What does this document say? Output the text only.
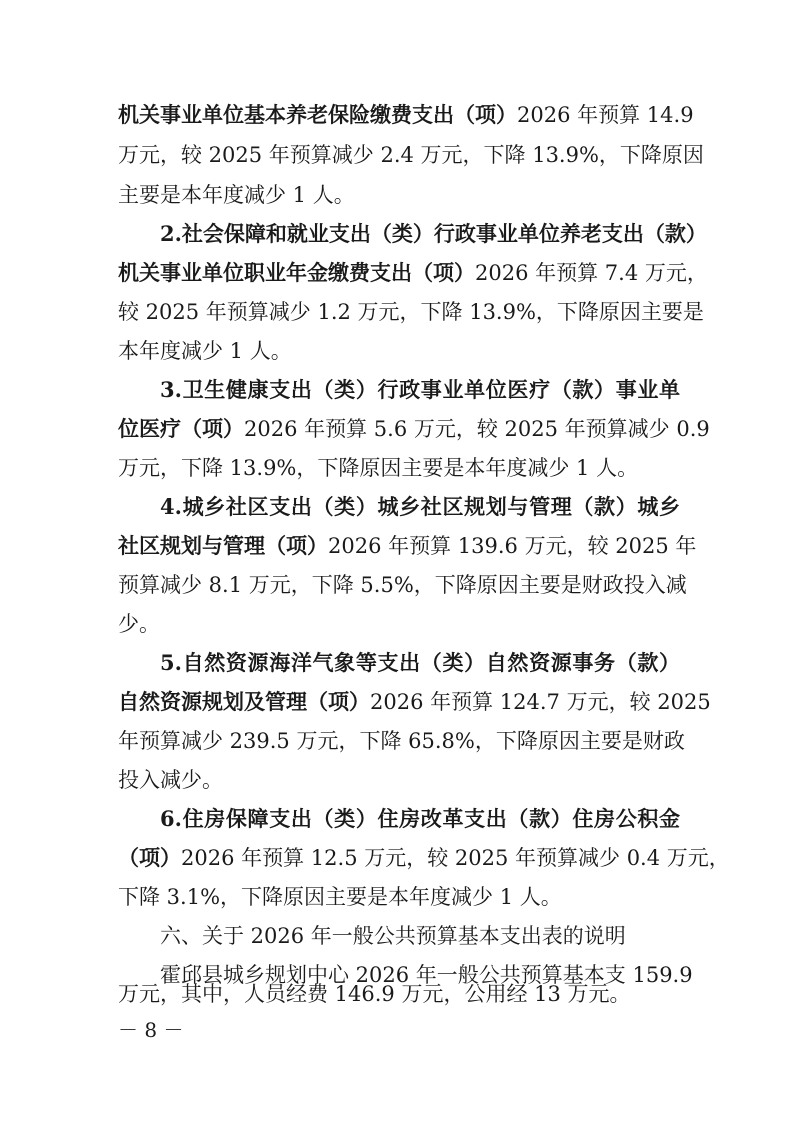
机关事业单位基本养老保险缴费支出（项）2026 年预算 14.9
万元，较 2025 年预算减少 2.4 万元，下降 13.9%，下降原因
主要是本年度减少 1 人。
2.社会保障和就业支出（类）行政事业单位养老支出（款）
机关事业单位职业年金缴费支出（项）2026 年预算 7.4 万元，
较 2025 年预算减少 1.2 万元，下降 13.9%，下降原因主要是
本年度减少 1 人。
3.卫生健康支出（类）行政事业单位医疗（款）事业单
位医疗（项）2026 年预算 5.6 万元，较 2025 年预算减少 0.9
万元，下降 13.9%，下降原因主要是本年度减少 1 人。
4.城乡社区支出（类）城乡社区规划与管理（款）城乡
社区规划与管理（项）2026 年预算 139.6 万元，较 2025 年
预算减少 8.1 万元，下降 5.5%，下降原因主要是财政投入减
少。
5.自然资源海洋气象等支出（类）自然资源事务（款）
自然资源规划及管理（项）2026 年预算 124.7 万元，较 2025
年预算减少 239.5 万元，下降 65.8%，下降原因主要是财政
投入减少。
6.住房保障支出（类）住房改革支出（款）住房公积金
（项）2026 年预算 12.5 万元，较 2025 年预算减少 0.4 万元，
下降 3.1%，下降原因主要是本年度减少 1 人。
六、关于 2026 年一般公共预算基本支出表的说明
霍邱县城乡规划中心 2026 年一般公共预算基本支 159.9
万元，其中，人员经费 146.9 万元，公用经 13 万元。
－ 8 －
